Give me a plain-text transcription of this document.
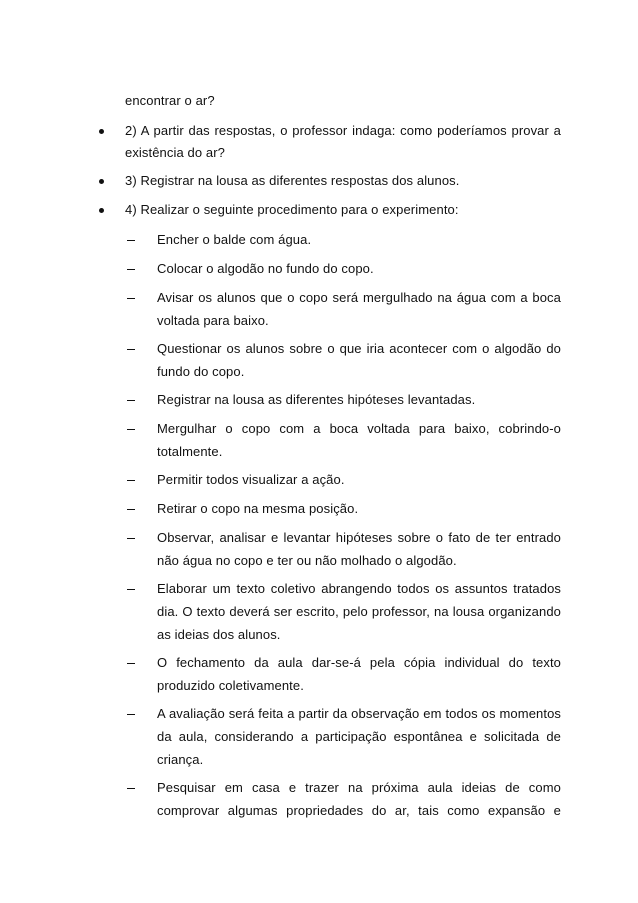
encontrar o ar?
2) A partir das respostas, o professor indaga: como poderíamos provar a
existência do ar?
3) Registrar na lousa as diferentes respostas dos alunos.
4) Realizar o seguinte procedimento para o experimento:
Encher o balde com água.
Colocar o algodão no fundo do copo.
Avisar os alunos que o copo será mergulhado na água com a boca
voltada para baixo.
Questionar os alunos sobre o que iria acontecer com o algodão do
fundo do copo.
Registrar na lousa as diferentes hipóteses levantadas.
Mergulhar o copo com a boca voltada para baixo, cobrindo-o
totalmente.
Permitir todos visualizar a ação.
Retirar o copo na mesma posição.
Observar, analisar e levantar hipóteses sobre o fato de ter entrado
não água no copo e ter ou não molhado o algodão.
Elaborar um texto coletivo abrangendo todos os assuntos tratados
dia. O texto deverá ser escrito, pelo professor, na lousa organizando
as ideias dos alunos.
O fechamento da aula dar-se-á pela cópia individual do texto
produzido coletivamente.
A avaliação será feita a partir da observação em todos os momentos
da aula, considerando a participação espontânea e solicitada de
criança.
Pesquisar em casa e trazer na próxima aula ideias de como
comprovar algumas propriedades do ar, tais como expansão e
